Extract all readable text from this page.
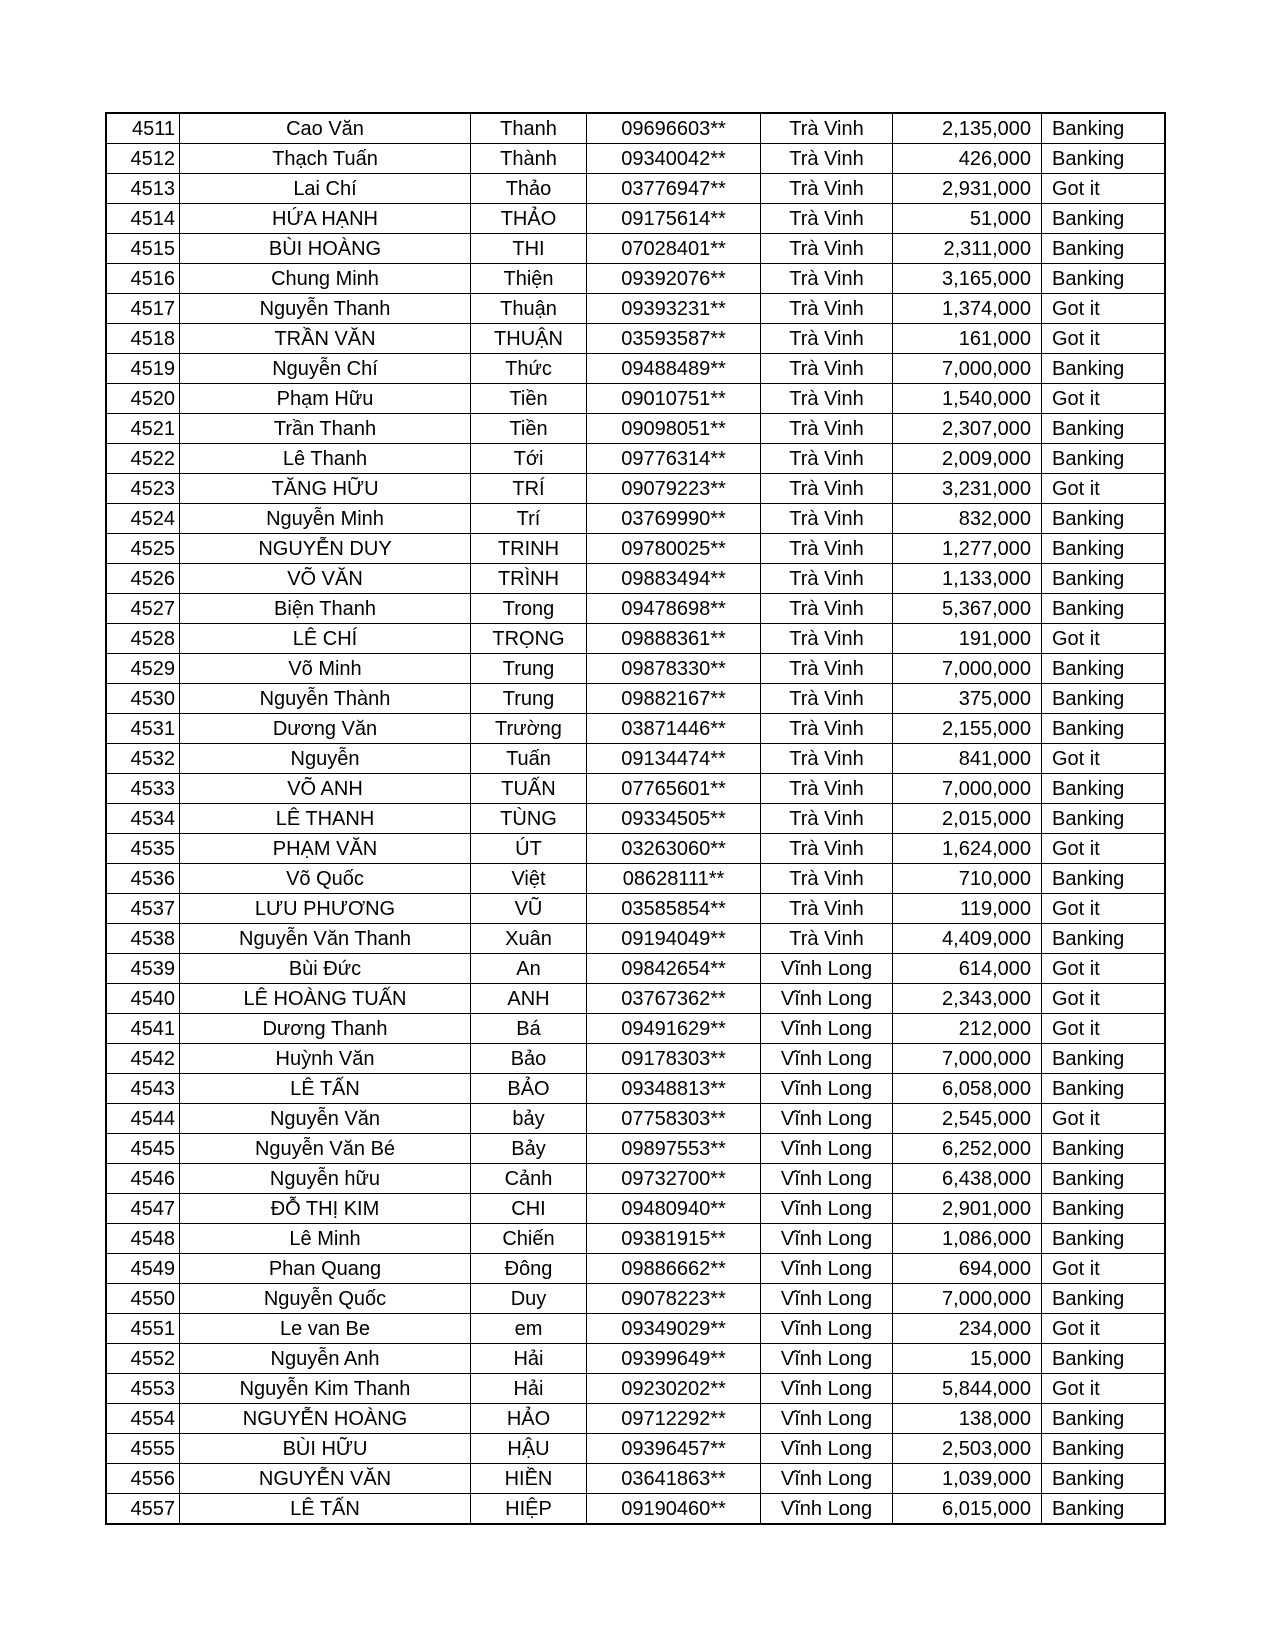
4511	Cao Văn	Thanh	09696603**	Trà Vinh	2,135,000	Banking
4512	Thạch Tuấn	Thành	09340042**	Trà Vinh	426,000	Banking
4513	Lai Chí	Thảo	03776947**	Trà Vinh	2,931,000	Got it
4514	HỨA HẠNH	THẢO	09175614**	Trà Vinh	51,000	Banking
4515	BÙI HOÀNG	THI	07028401**	Trà Vinh	2,311,000	Banking
4516	Chung Minh	Thiện	09392076**	Trà Vinh	3,165,000	Banking
4517	Nguyễn Thanh	Thuận	09393231**	Trà Vinh	1,374,000	Got it
4518	TRẦN VĂN	THUẬN	03593587**	Trà Vinh	161,000	Got it
4519	Nguyễn Chí	Thức	09488489**	Trà Vinh	7,000,000	Banking
4520	Phạm Hữu	Tiền	09010751**	Trà Vinh	1,540,000	Got it
4521	Trần Thanh	Tiền	09098051**	Trà Vinh	2,307,000	Banking
4522	Lê Thanh	Tới	09776314**	Trà Vinh	2,009,000	Banking
4523	TĂNG HỮU	TRÍ	09079223**	Trà Vinh	3,231,000	Got it
4524	Nguyễn Minh	Trí	03769990**	Trà Vinh	832,000	Banking
4525	NGUYỄN DUY	TRINH	09780025**	Trà Vinh	1,277,000	Banking
4526	VÕ VĂN	TRÌNH	09883494**	Trà Vinh	1,133,000	Banking
4527	Biện Thanh	Trong	09478698**	Trà Vinh	5,367,000	Banking
4528	LÊ CHÍ	TRỌNG	09888361**	Trà Vinh	191,000	Got it
4529	Võ Minh	Trung	09878330**	Trà Vinh	7,000,000	Banking
4530	Nguyễn Thành	Trung	09882167**	Trà Vinh	375,000	Banking
4531	Dương Văn	Trường	03871446**	Trà Vinh	2,155,000	Banking
4532	Nguyễn	Tuấn	09134474**	Trà Vinh	841,000	Got it
4533	VÕ ANH	TUẤN	07765601**	Trà Vinh	7,000,000	Banking
4534	LÊ THANH	TÙNG	09334505**	Trà Vinh	2,015,000	Banking
4535	PHẠM VĂN	ÚT	03263060**	Trà Vinh	1,624,000	Got it
4536	Võ Quốc	Việt	08628111**	Trà Vinh	710,000	Banking
4537	LƯU PHƯƠNG	VŨ	03585854**	Trà Vinh	119,000	Got it
4538	Nguyễn Văn Thanh	Xuân	09194049**	Trà Vinh	4,409,000	Banking
4539	Bùi Đức	An	09842654**	Vĩnh Long	614,000	Got it
4540	LÊ HOÀNG TUẤN	ANH	03767362**	Vĩnh Long	2,343,000	Got it
4541	Dương Thanh	Bá	09491629**	Vĩnh Long	212,000	Got it
4542	Huỳnh Văn	Bảo	09178303**	Vĩnh Long	7,000,000	Banking
4543	LÊ TẤN	BẢO	09348813**	Vĩnh Long	6,058,000	Banking
4544	Nguyễn Văn	bảy	07758303**	Vĩnh Long	2,545,000	Got it
4545	Nguyễn Văn Bé	Bảy	09897553**	Vĩnh Long	6,252,000	Banking
4546	Nguyễn hữu	Cảnh	09732700**	Vĩnh Long	6,438,000	Banking
4547	ĐỖ THỊ KIM	CHI	09480940**	Vĩnh Long	2,901,000	Banking
4548	Lê Minh	Chiến	09381915**	Vĩnh Long	1,086,000	Banking
4549	Phan Quang	Đông	09886662**	Vĩnh Long	694,000	Got it
4550	Nguyễn Quốc	Duy	09078223**	Vĩnh Long	7,000,000	Banking
4551	Le van Be	em	09349029**	Vĩnh Long	234,000	Got it
4552	Nguyễn Anh	Hải	09399649**	Vĩnh Long	15,000	Banking
4553	Nguyễn Kim Thanh	Hải	09230202**	Vĩnh Long	5,844,000	Got it
4554	NGUYỄN HOÀNG	HẢO	09712292**	Vĩnh Long	138,000	Banking
4555	BÙI HỮU	HẬU	09396457**	Vĩnh Long	2,503,000	Banking
4556	NGUYỄN VĂN	HIỀN	03641863**	Vĩnh Long	1,039,000	Banking
4557	LÊ TẤN	HIỆP	09190460**	Vĩnh Long	6,015,000	Banking
